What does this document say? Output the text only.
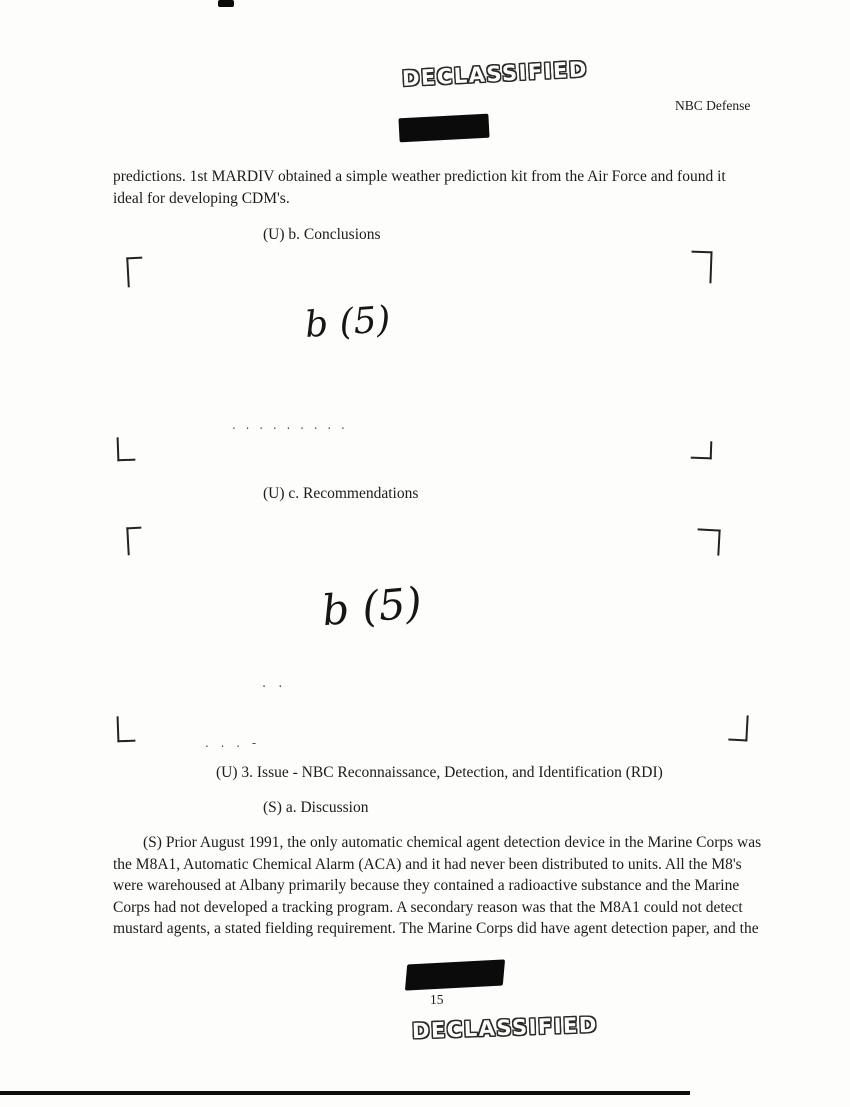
DECLASSIFIED
NBC Defense
predictions. 1st MARDIV obtained a simple weather prediction kit from the Air Force and found it ideal for developing CDM's.
(U) b. Conclusions
b (5)
. . . . . . . . .
(U) c. Recommendations
b (5)
. .
. . . -
(U) 3. Issue - NBC Reconnaissance, Detection, and Identification (RDI)
(S) a. Discussion
(S) Prior August 1991, the only automatic chemical agent detection device in the Marine Corps was the M8A1, Automatic Chemical Alarm (ACA) and it had never been distributed to units. All the M8's were warehoused at Albany primarily because they contained a radioactive substance and the Marine Corps had not developed a tracking program. A secondary reason was that the M8A1 could not detect mustard agents, a stated fielding requirement. The Marine Corps did have agent detection paper, and the
15
DECLASSIFIED
